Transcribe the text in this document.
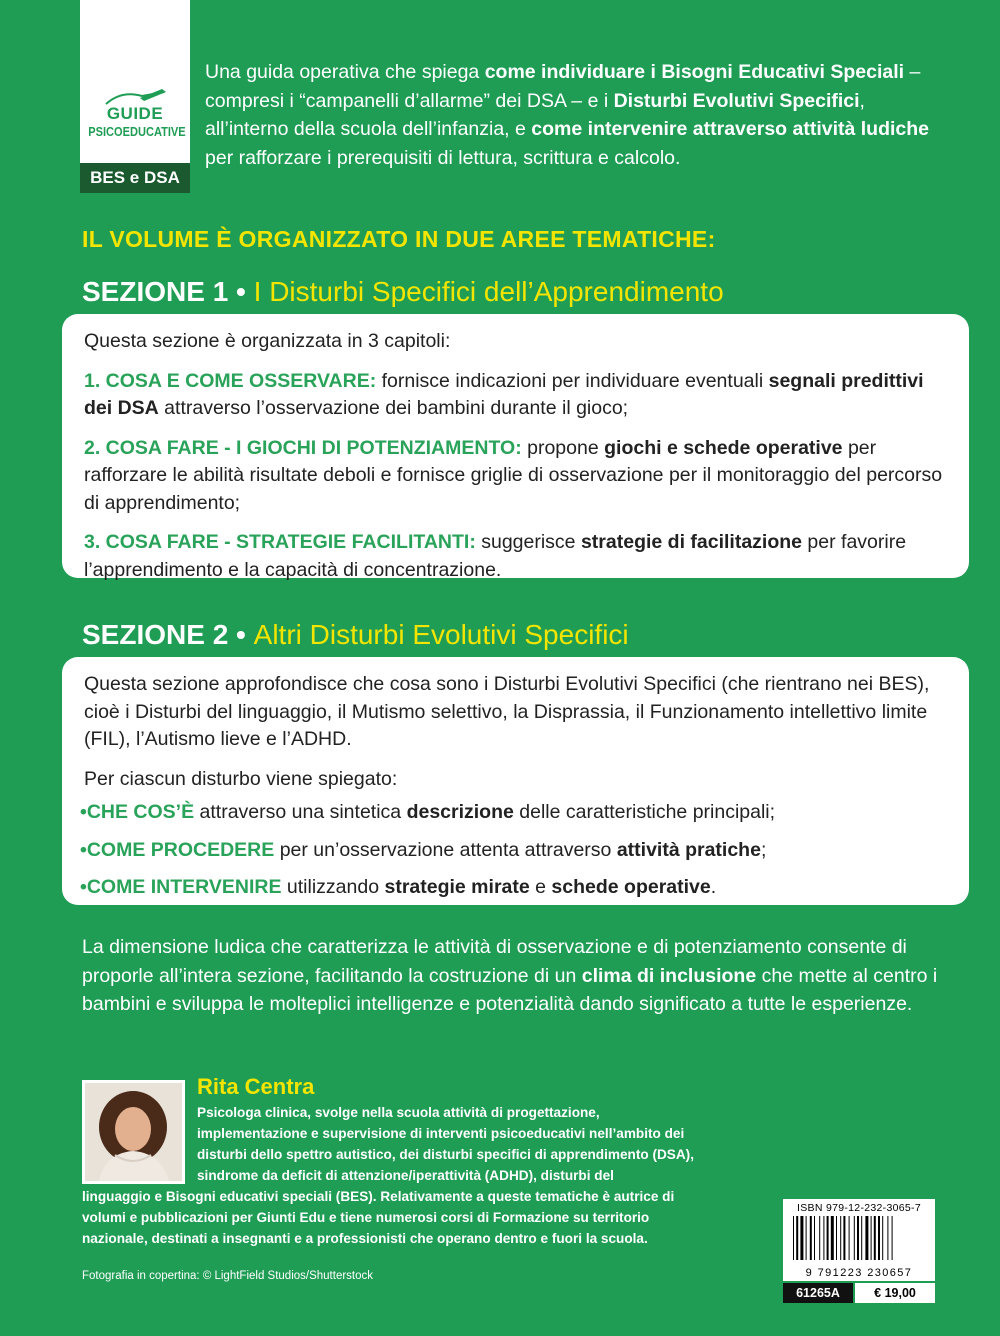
GUIDE
PSICOEDUCATIVE
BES e DSA
Una guida operativa che spiega come individuare i Bisogni Educativi Speciali – compresi i “campanelli d’allarme” dei DSA – e i Disturbi Evolutivi Specifici, all’interno della scuola dell’infanzia, e come intervenire attraverso attività ludiche per rafforzare i prerequisiti di lettura, scrittura e calcolo.
IL VOLUME È ORGANIZZATO IN DUE AREE TEMATICHE:
SEZIONE 1 • I Disturbi Specifici dell’Apprendimento

Questa sezione è organizzata in 3 capitoli:

1. COSA E COME OSSERVARE: fornisce indicazioni per individuare eventuali segnali predittivi dei DSA attraverso l’osservazione dei bambini durante il gioco;

2. COSA FARE - I GIOCHI DI POTENZIAMENTO: propone giochi e schede operative per rafforzare le abilità risultate deboli e fornisce griglie di osservazione per il monitoraggio del percorso di apprendimento;

3. COSA FARE - STRATEGIE FACILITANTI: suggerisce strategie di facilitazione per favorire l’apprendimento e la capacità di concentrazione.

SEZIONE 2 • Altri Disturbi Evolutivi Specifici

Questa sezione approfondisce che cosa sono i Disturbi Evolutivi Specifici (che rientrano nei BES), cioè i Disturbi del linguaggio, il Mutismo selettivo, la Disprassia, il Funzionamento intellettivo limite (FIL), l’Autismo lieve e l’ADHD.

Per ciascun disturbo viene spiegato:

•CHE COS’È attraverso una sintetica descrizione delle caratteristiche principali;
•COME PROCEDERE per un’osservazione attenta attraverso attività pratiche;
•COME INTERVENIRE utilizzando strategie mirate e schede operative.
La dimensione ludica che caratterizza le attività di osservazione e di potenziamento consente di proporle all’intera sezione, facilitando la costruzione di un clima di inclusione che mette al centro i bambini e sviluppa le molteplici intelligenze e potenzialità dando significato a tutte le esperienze.
Rita Centra
Psicologa clinica, svolge nella scuola attività di progettazione, implementazione e supervisione di interventi psicoeducativi nell’ambito dei disturbi dello spettro autistico, dei disturbi specifici di apprendimento (DSA), sindrome da deficit di attenzione/iperattività (ADHD), disturbi del
linguaggio e Bisogni educativi speciali (BES). Relativamente a queste tematiche è autrice di volumi e pubblicazioni per Giunti Edu e tiene numerosi corsi di Formazione su territorio nazionale, destinati a insegnanti e a professionisti che operano dentro e fuori la scuola.
Fotografia in copertina: © LightField Studios/Shutterstock
ISBN 979-12-232-3065-7
9 791223 230657
61265A	€ 19,00
